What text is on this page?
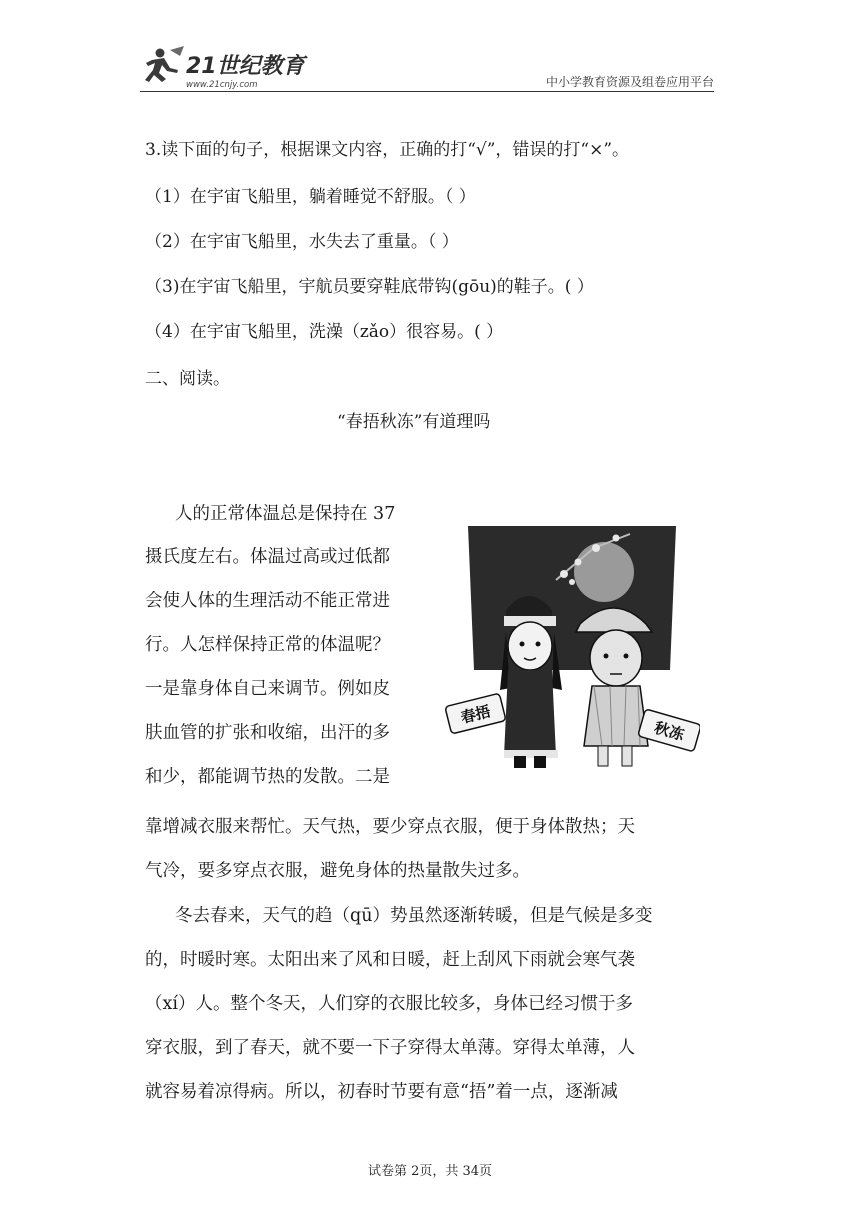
21世纪教育
www.21cnjy.com	中小学教育资源及组卷应用平台
3.读下面的句子，根据课文内容，正确的打“√”，错误的打“×”。
（1）在宇宙飞船里，躺着睡觉不舒服。（ ）
（2）在宇宙飞船里，水失去了重量。（ ）
（3)在宇宙飞船里，宇航员要穿鞋底带钩(gōu)的鞋子。( ）
（4）在宇宙飞船里，洗澡（zǎo）很容易。( ）
二、阅读。
“春捂秋冻”有道理吗
人的正常体温总是保持在 37
摄氏度左右。体温过高或过低都
会使人体的生理活动不能正常进
行。人怎样保持正常的体温呢？
一是靠身体自己来调节。例如皮
肤血管的扩张和收缩，出汗的多
和少，都能调节热的发散。二是
靠增减衣服来帮忙。天气热，要少穿点衣服，便于身体散热；天
气冷，要多穿点衣服，避免身体的热量散失过多。
冬去春来，天气的趋（qū）势虽然逐渐转暖，但是气候是多变
的，时暖时寒。太阳出来了风和日暖，赶上刮风下雨就会寒气袭
（xí）人。整个冬天，人们穿的衣服比较多，身体已经习惯于多
穿衣服，到了春天，就不要一下子穿得太单薄。穿得太单薄，人
就容易着凉得病。所以，初春时节要有意“捂”着一点，逐渐减
春捂
秋冻
试卷第 2页，共 34页
